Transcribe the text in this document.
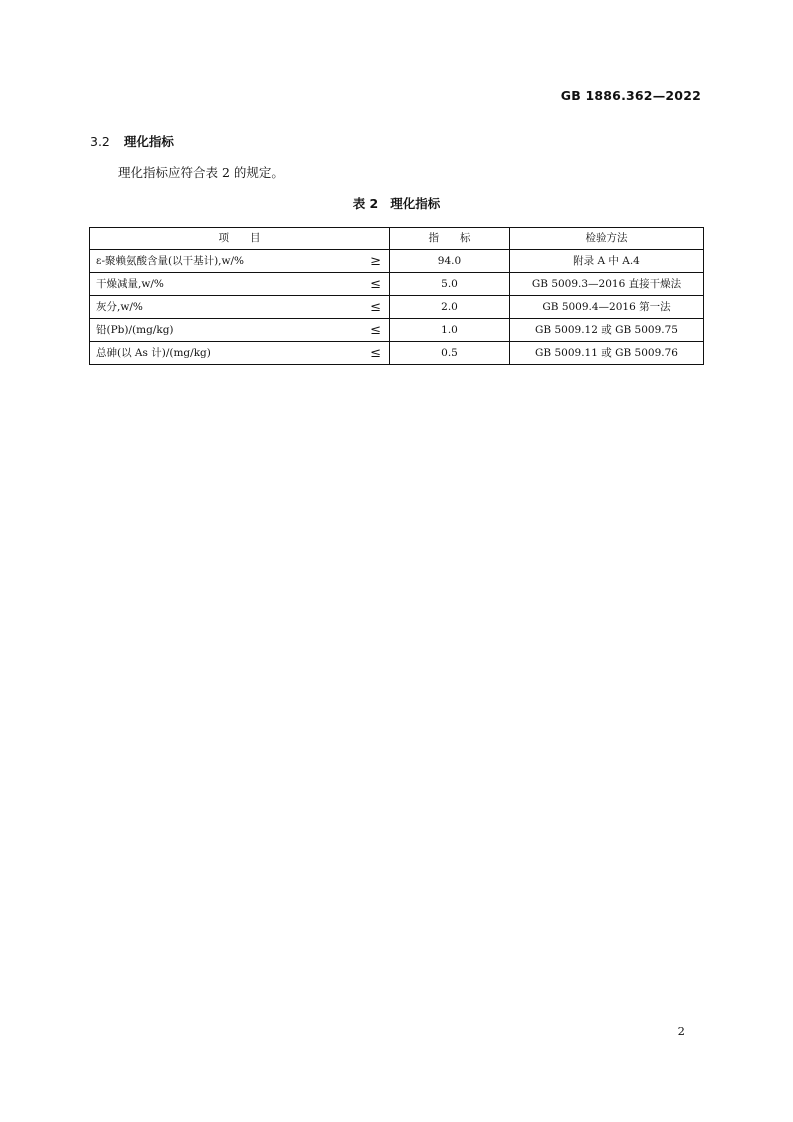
GB 1886.362—2022
3.2 理化指标
理化指标应符合表 2 的规定。
表 2 理化指标
项　　目	指　　标	检验方法

ε-聚赖氨酸含量(以干基计),w/% ≥	94.0	附录 A 中 A.4

干燥减量,w/% ≤	5.0	GB 5009.3—2016 直接干燥法

灰分,w/% ≤	2.0	GB 5009.4—2016 第一法

铅(Pb)/(mg/kg) ≤	1.0	GB 5009.12 或 GB 5009.75

总砷(以 As 计)/(mg/kg) ≤	0.5	GB 5009.11 或 GB 5009.76
2
